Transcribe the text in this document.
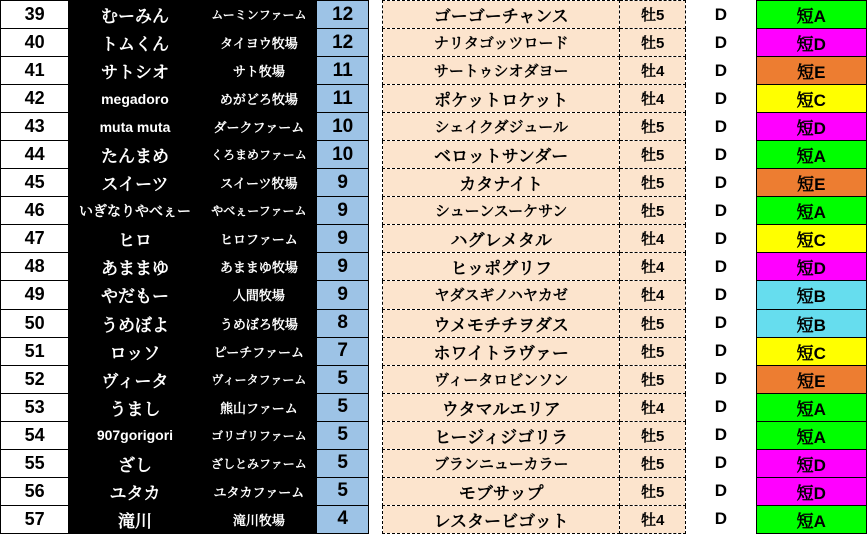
39	むーみん	ムーミンファーム	12		ゴーゴーチャンス	牡5	D	短A
40	トムくん	タイヨウ牧場	12		ナリタゴッツロード	牡5	D	短D
41	サトシオ	サト牧場	11		サートゥシオダヨー	牡4	D	短E
42	megadoro	めがどろ牧場	11		ポケットロケット	牡4	D	短C
43	muta muta	ダークファーム	10		シェイクダジュール	牡5	D	短D
44	たんまめ	くろまめファーム	10		ベロットサンダー	牡5	D	短A
45	スイーツ	スイーツ牧場	9		カタナイト	牡5	D	短E
46	いぎなりやべぇー	やべぇーファーム	9		シューンスーケサン	牡5	D	短A
47	ヒロ	ヒロファーム	9		ハグレメタル	牡4	D	短C
48	あままゆ	あままゆ牧場	9		ヒッポグリフ	牡4	D	短D
49	やだもー	人間牧場	9		ヤダスギノハヤカゼ	牡4	D	短B
50	うめぼよ	うめぼろ牧場	8		ウメモチチヲダス	牡5	D	短B
51	ロッソ	ピーチファーム	7		ホワイトラヴァー	牡5	D	短C
52	ヴィータ	ヴィータファーム	5		ヴィータロビンソン	牡5	D	短E
53	うまし	熊山ファーム	5		ウタマルエリア	牡4	D	短A
54	907gorigori	ゴリゴリファーム	5		ヒージィジゴリラ	牡5	D	短A
55	ざし	ざしとみファーム	5		ブランニューカラー	牡5	D	短D
56	ユタカ	ユタカファーム	5		モブサップ	牡5	D	短D
57	滝川	滝川牧場	4		レスタービゴット	牡4	D	短A
